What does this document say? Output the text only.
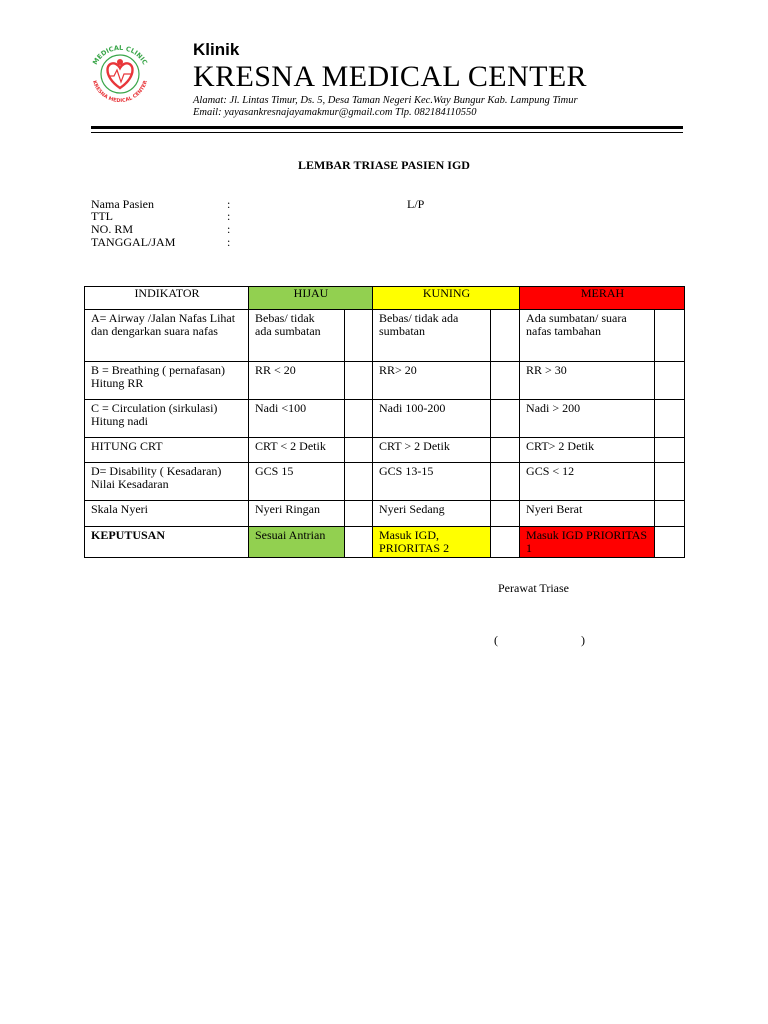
MEDICAL CLINIC
KRESNA MEDICAL CENTER
Klinik
KRESNA MEDICAL CENTER
Alamat: Jl. Lintas Timur, Ds. 5, Desa Taman Negeri Kec.Way Bungur Kab. Lampung Timur
Email: yayasankresnajayamakmur@gmail.com Tlp. 082184110550
LEMBAR TRIASE PASIEN IGD
Nama Pasien	:
TTL	:
NO. RM	:
TANGGAL/JAM	:
L/P
INDIKATOR	HIJAU		KUNING		MERAH	
A= Airway /Jalan Nafas Lihat dan dengarkan suara nafas	Bebas/ tidak ada sumbatan		Bebas/ tidak ada sumbatan		Ada sumbatan/ suara nafas tambahan	
B = Breathing ( pernafasan) Hitung RR	RR < 20		RR> 20		RR > 30	
C = Circulation (sirkulasi) Hitung nadi	Nadi <100		Nadi 100-200		Nadi > 200	
HITUNG CRT	CRT < 2 Detik		CRT > 2 Detik		CRT> 2 Detik	
D= Disability ( Kesadaran) Nilai Kesadaran	GCS 15		GCS 13-15		GCS < 12	
Skala Nyeri	Nyeri Ringan		Nyeri Sedang		Nyeri Berat	
KEPUTUSAN	Sesuai Antrian		Masuk IGD, PRIORITAS 2		Masuk IGD PRIORITAS 1	
Perawat Triase
(	)
